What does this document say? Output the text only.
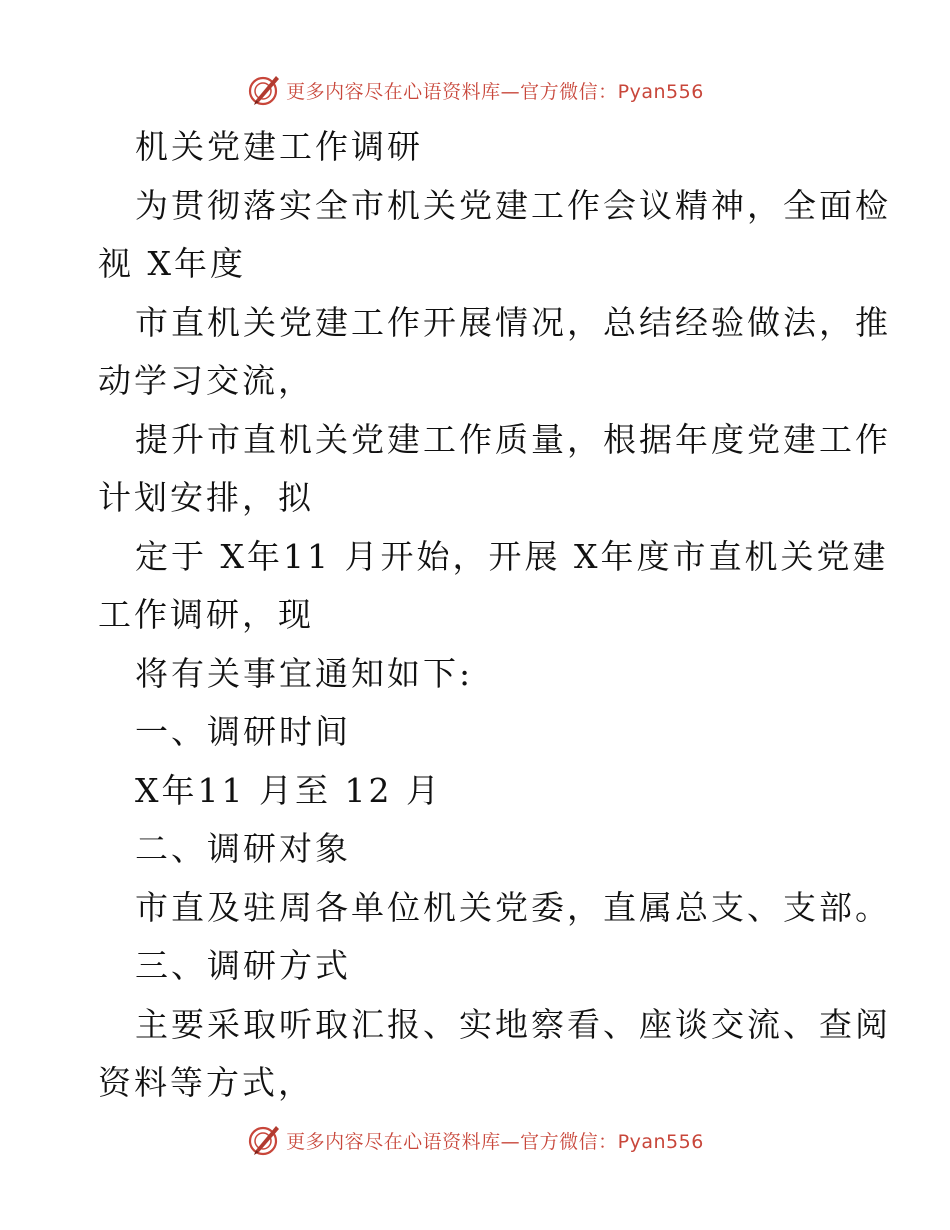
更多内容尽在心语资料库—官方微信：Pyan556
机关党建工作调研
为贯彻落实全市机关党建工作会议精神，全面检
视 X年度
市直机关党建工作开展情况，总结经验做法，推
动学习交流，
提升市直机关党建工作质量，根据年度党建工作
计划安排，拟
定于 X年11 月开始，开展 X年度市直机关党建
工作调研，现
将有关事宜通知如下:
一、调研时间
X年11 月至 12 月
二、调研对象
市直及驻周各单位机关党委，直属总支、支部。
三、调研方式
主要采取听取汇报、实地察看、座谈交流、查阅
资料等方式，
更多内容尽在心语资料库—官方微信：Pyan556
